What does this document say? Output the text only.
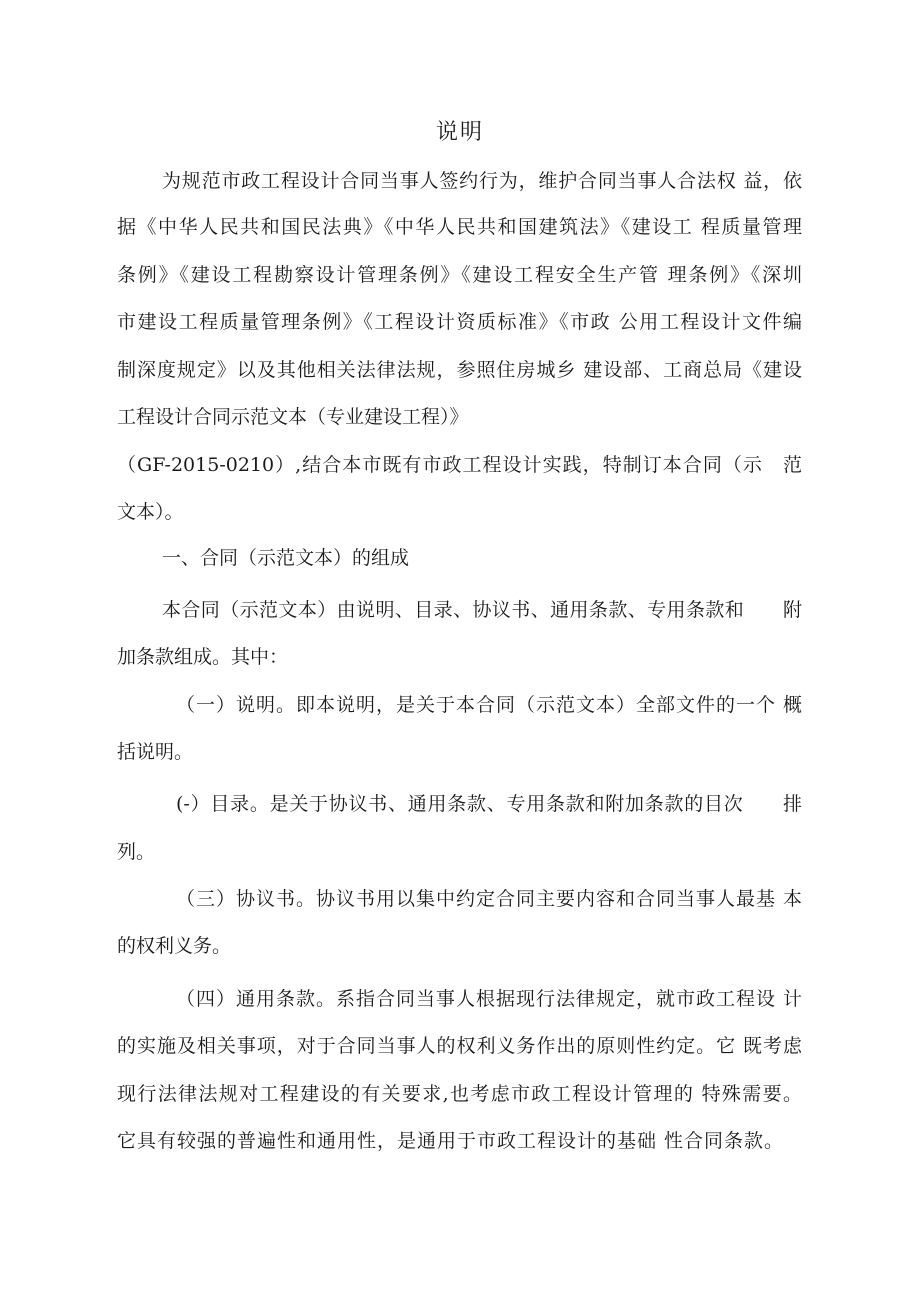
说明
为规范市政工程设计合同当事人签约行为，维护合同当事人合法权 益，依
据《中华人民共和国民法典》《中华人民共和国建筑法》《建设工 程质量管理
条例》《建设工程勘察设计管理条例》《建设工程安全生产管 理条例》《深圳
市建设工程质量管理条例》《工程设计资质标准》《市政 公用工程设计文件编
制深度规定》以及其他相关法律法规，参照住房城乡 建设部、工商总局《建设
工程设计合同示范文本（专业建设工程）》
（GF-2015-0210）,结合本市既有市政工程设计实践，特制订本合同（示　范
文本）。
一、合同（示范文本）的组成
本合同（示范文本）由说明、目录、协议书、通用条款、专用条款和　　附
加条款组成。其中：
（一）说明。即本说明，是关于本合同（示范文本）全部文件的一个 概
括说明。
(-）目录。是关于协议书、通用条款、专用条款和附加条款的目次　　排
列。
（三）协议书。协议书用以集中约定合同主要内容和合同当事人最基 本
的权利义务。
（四）通用条款。系指合同当事人根据现行法律规定，就市政工程设 计
的实施及相关事项，对于合同当事人的权利义务作出的原则性约定。它 既考虑
现行法律法规对工程建设的有关要求,也考虑市政工程设计管理的 特殊需要。
它具有较强的普遍性和通用性，是通用于市政工程设计的基础 性合同条款。
